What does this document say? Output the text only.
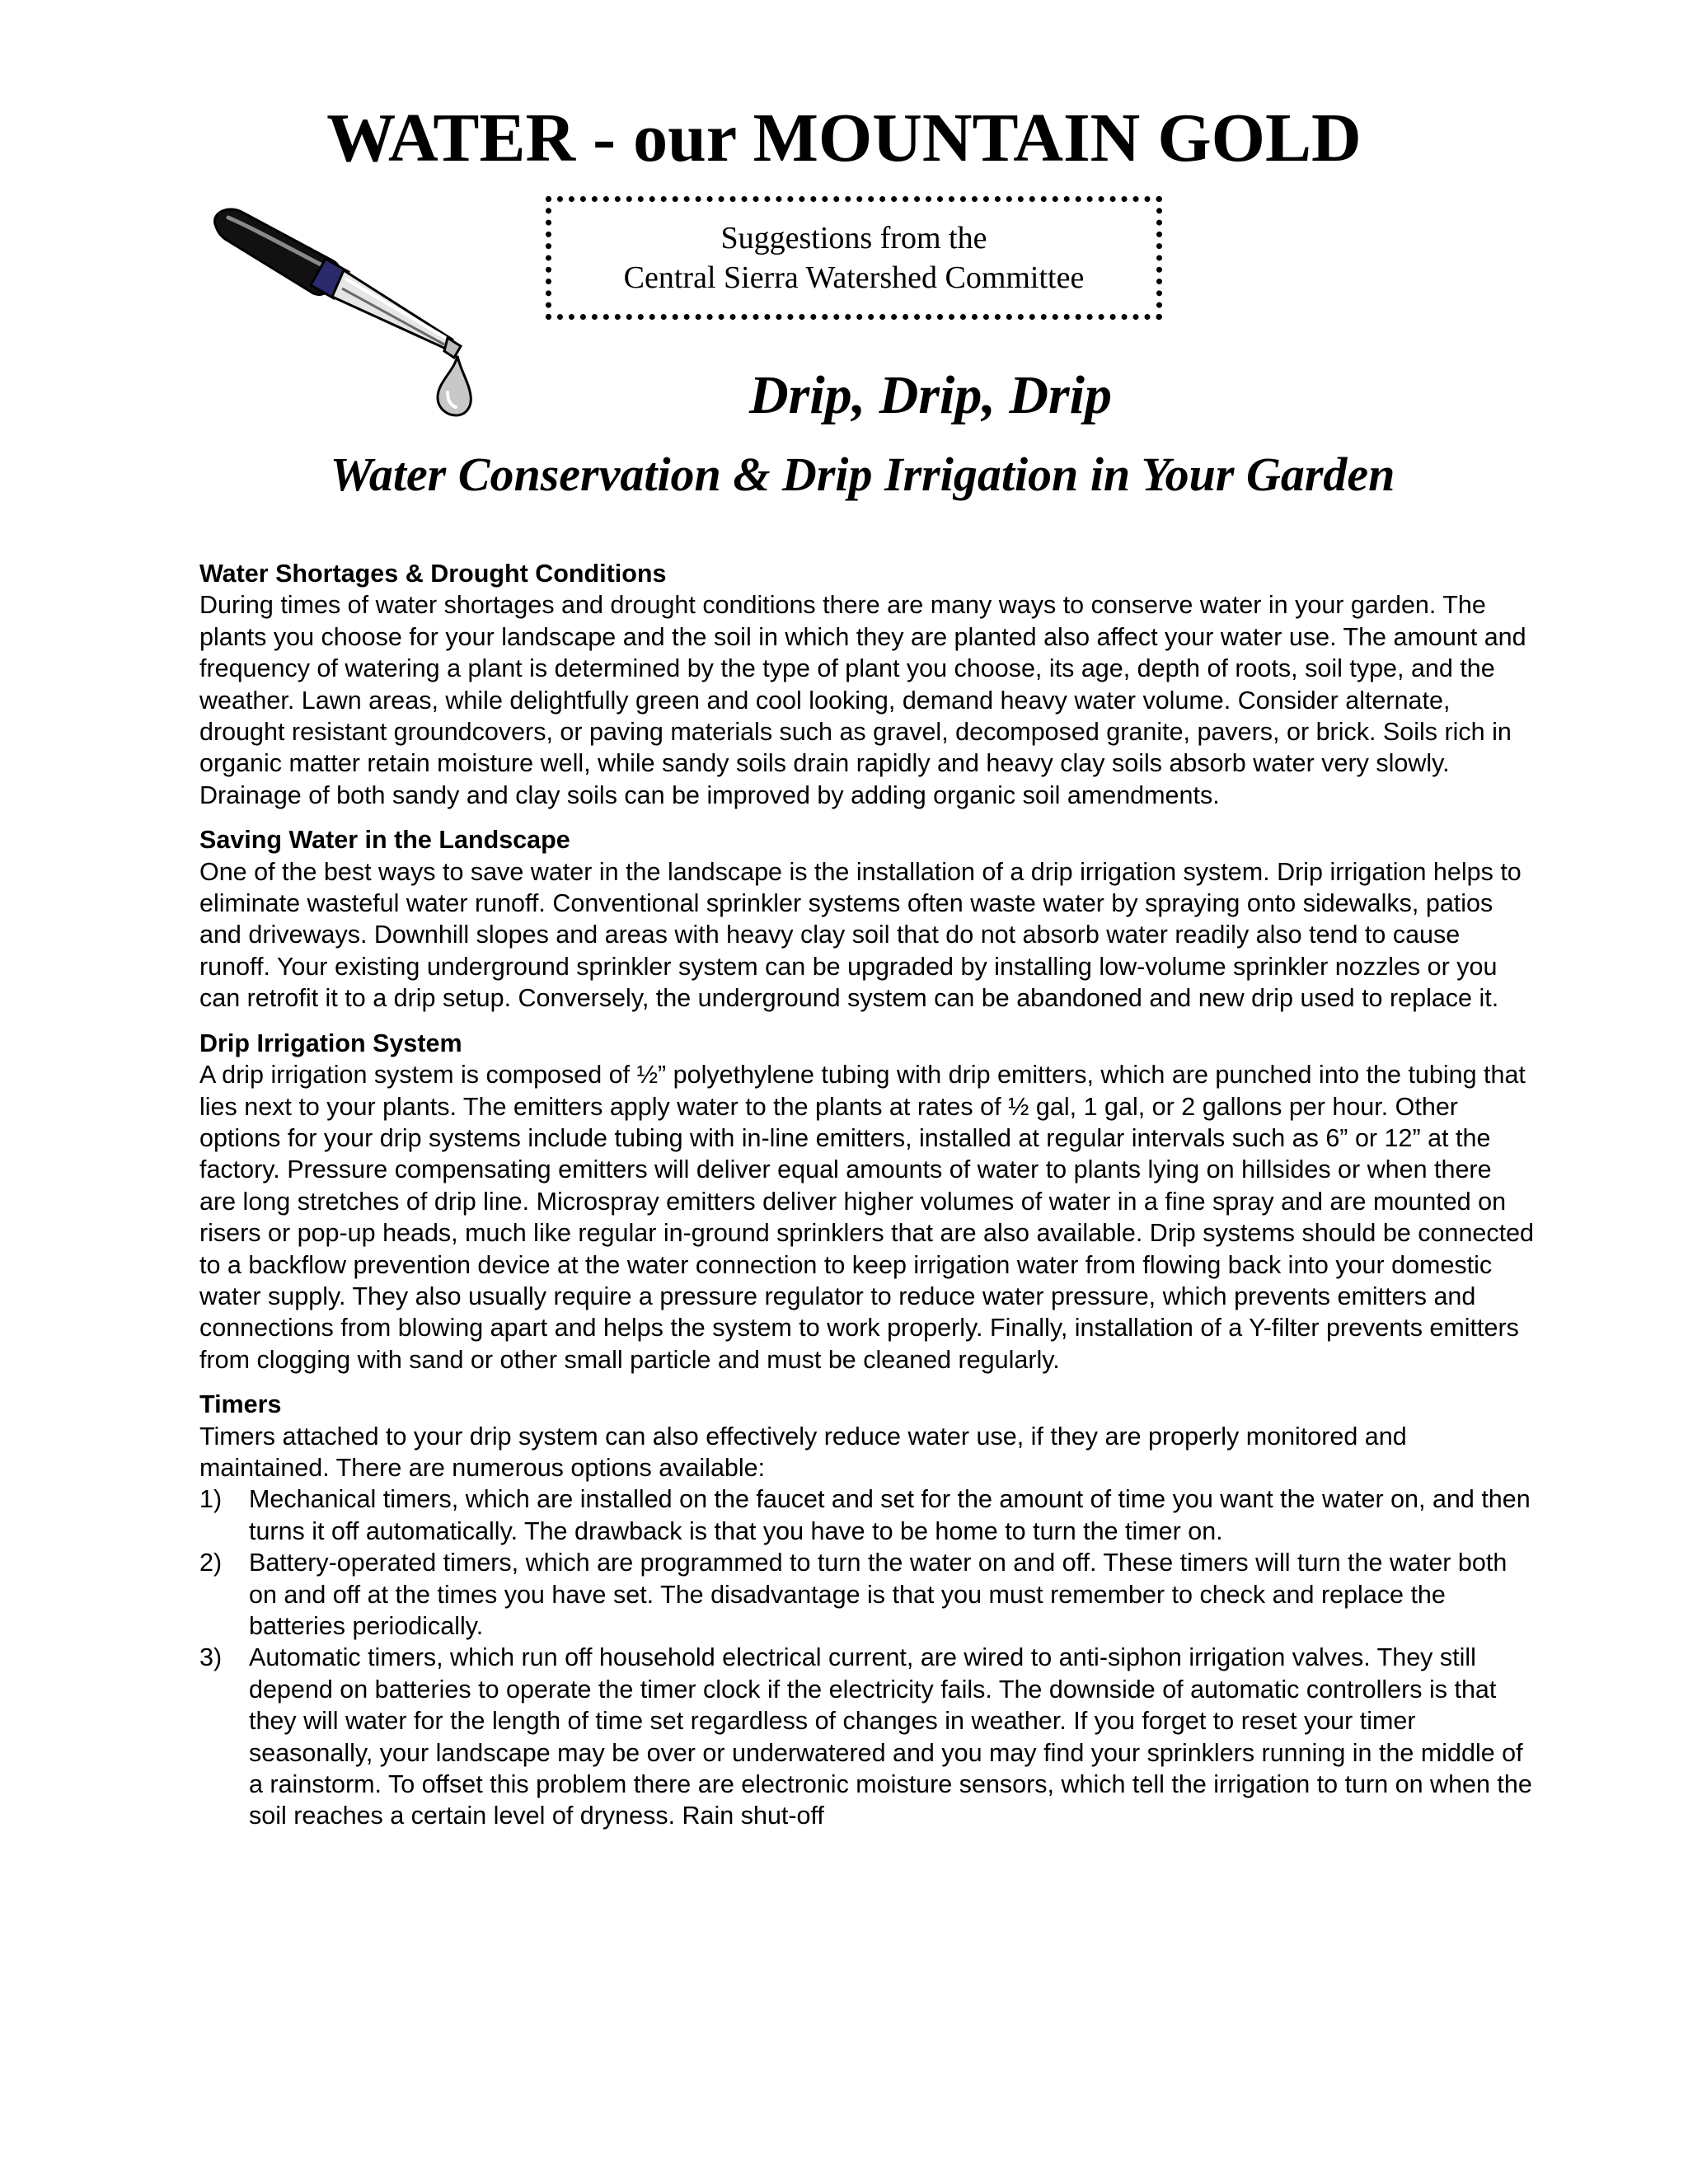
WATER - our MOUNTAIN GOLD
Suggestions from the
Central Sierra Watershed Committee
Drip, Drip, Drip
Water Conservation & Drip Irrigation in Your Garden
Water Shortages & Drought Conditions

During times of water shortages and drought conditions there are many ways to conserve water in your garden. The plants you choose for your landscape and the soil in which they are planted also affect your water use. The amount and frequency of watering a plant is determined by the type of plant you choose, its age, depth of roots, soil type, and the weather. Lawn areas, while delightfully green and cool looking, demand heavy water volume. Consider alternate, drought resistant groundcovers, or paving materials such as gravel, decomposed granite, pavers, or brick. Soils rich in organic matter retain moisture well, while sandy soils drain rapidly and heavy clay soils absorb water very slowly. Drainage of both sandy and clay soils can be improved by adding organic soil amendments.

Saving Water in the Landscape

One of the best ways to save water in the landscape is the installation of a drip irrigation system. Drip irrigation helps to eliminate wasteful water runoff. Conventional sprinkler systems often waste water by spraying onto sidewalks, patios and driveways. Downhill slopes and areas with heavy clay soil that do not absorb water readily also tend to cause runoff. Your existing underground sprinkler system can be upgraded by installing low-volume sprinkler nozzles or you can retrofit it to a drip setup. Conversely, the underground system can be abandoned and new drip used to replace it.

Drip Irrigation System

A drip irrigation system is composed of ½” polyethylene tubing with drip emitters, which are punched into the tubing that lies next to your plants. The emitters apply water to the plants at rates of ½ gal, 1 gal, or 2 gallons per hour. Other options for your drip systems include tubing with in-line emitters, installed at regular intervals such as 6” or 12” at the factory. Pressure compensating emitters will deliver equal amounts of water to plants lying on hillsides or when there are long stretches of drip line. Microspray emitters deliver higher volumes of water in a fine spray and are mounted on risers or pop-up heads, much like regular in-ground sprinklers that are also available. Drip systems should be connected to a backflow prevention device at the water connection to keep irrigation water from flowing back into your domestic water supply. They also usually require a pressure regulator to reduce water pressure, which prevents emitters and connections from blowing apart and helps the system to work properly. Finally, installation of a Y-filter prevents emitters from clogging with sand or other small particle and must be cleaned regularly.

Timers

Timers attached to your drip system can also effectively reduce water use, if they are properly monitored and maintained. There are numerous options available:

1)	Mechanical timers, which are installed on the faucet and set for the amount of time you want the water on, and then turns it off automatically. The drawback is that you have to be home to turn the timer on.
2)	Battery-operated timers, which are programmed to turn the water on and off. These timers will turn the water both on and off at the times you have set. The disadvantage is that you must remember to check and replace the batteries periodically.
3)	Automatic timers, which run off household electrical current, are wired to anti-siphon irrigation valves. They still depend on batteries to operate the timer clock if the electricity fails. The downside of automatic controllers is that they will water for the length of time set regardless of changes in weather. If you forget to reset your timer seasonally, your landscape may be over or underwatered and you may find your sprinklers running in the middle of a rainstorm. To offset this problem there are electronic moisture sensors, which tell the irrigation to turn on when the soil reaches a certain level of dryness. Rain shut-off
